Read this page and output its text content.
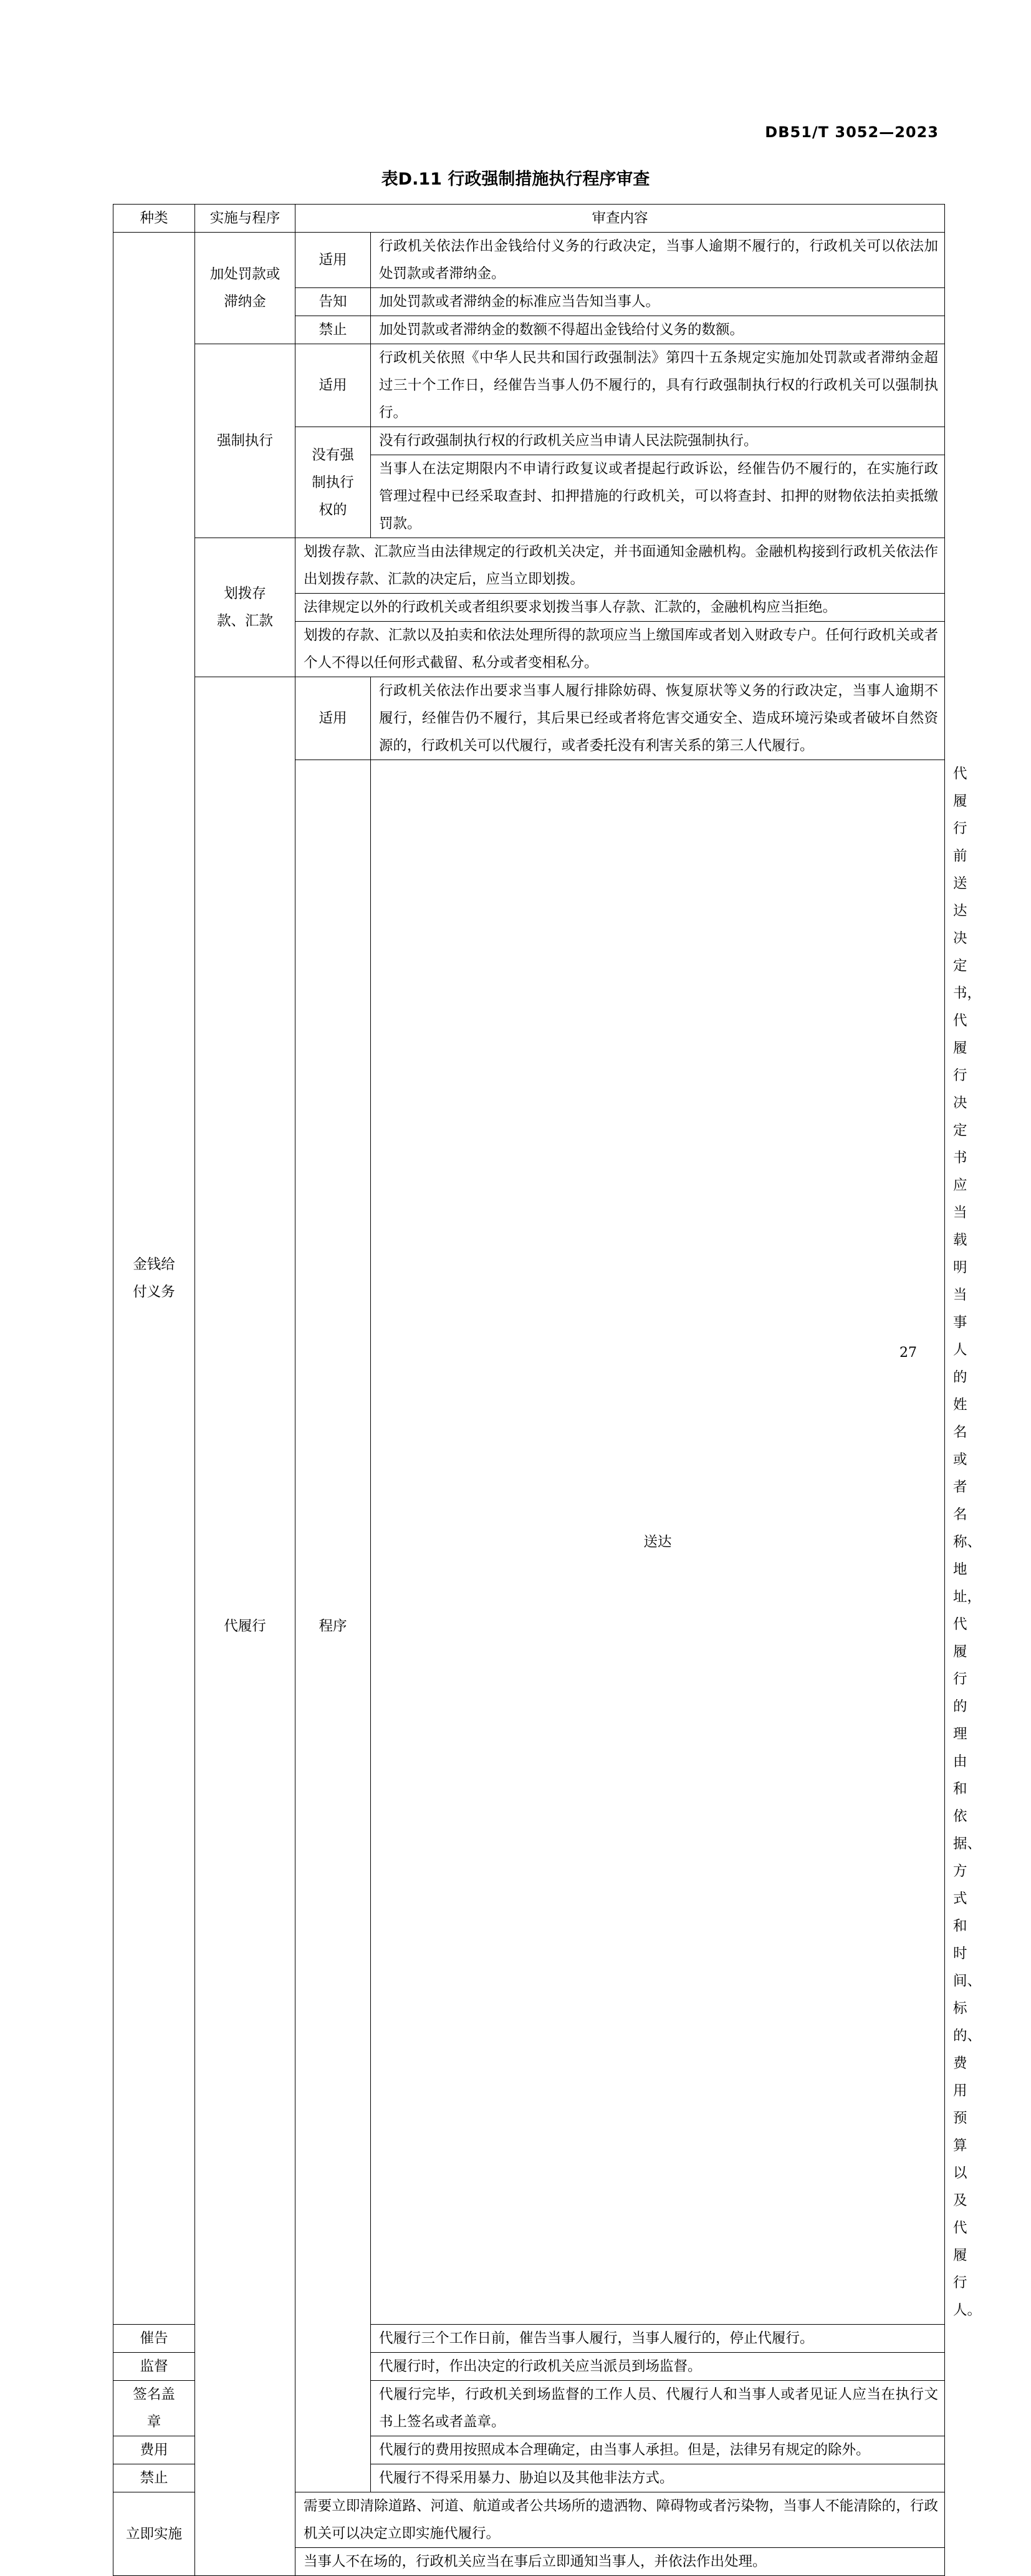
DB51/T 3052—2023
表D.11 行政强制措施执行程序审查
种类	实施与程序	审查内容		

金钱给付义务	加处罚款或滞纳金	适用	行政机关依法作出金钱给付义务的行政决定，当事人逾期不履行的，行政机关可以依法加处罚款或者滞纳金。	
		告知	加处罚款或者滞纳金的标准应当告知当事人。	
		禁止	加处罚款或者滞纳金的数额不得超出金钱给付义务的数额。	
	强制执行	适用	行政机关依照《中华人民共和国行政强制法》第四十五条规定实施加处罚款或者滞纳金超过三十个工作日，经催告当事人仍不履行的，具有行政强制执行权的行政机关可以强制执行。	

		没有强制执行权的	没有行政强制执行权的行政机关应当申请人民法院强制执行。	
			当事人在法定期限内不申请行政复议或者提起行政诉讼，经催告仍不履行的，在实施行政管理过程中已经采取查封、扣押措施的行政机关，可以将查封、扣押的财物依法拍卖抵缴罚款。	

	划拨存款、汇款	划拨存款、汇款应当由法律规定的行政机关决定，并书面通知金融机构。金融机构接到行政机关依法作出划拨存款、汇款的决定后，应当立即划拨。		
		法律规定以外的行政机关或者组织要求划拨当事人存款、汇款的，金融机构应当拒绝。		
		划拨的存款、汇款以及拍卖和依法处理所得的款项应当上缴国库或者划入财政专户。任何行政机关或者个人不得以任何形式截留、私分或者变相私分。		
	代履行	适用	行政机关依法作出要求当事人履行排除妨碍、恢复原状等义务的行政决定，当事人逾期不履行，经催告仍不履行，其后果已经或者将危害交通安全、造成环境污染或者破坏自然资源的，行政机关可以代履行，或者委托没有利害关系的第三人代履行。	
		程序	送达	代履行前送达决定书，代履行决定书应当载明当事人的姓名或者名称、地址，代履行的理由和依据、方式和时间、标的、费用预算以及代履行人。
催告			代履行三个工作日前，催告当事人履行，当事人履行的，停止代履行。	
监督			代履行时，作出决定的行政机关应当派员到场监督。	

签名盖章			代履行完毕，行政机关到场监督的工作人员、代履行人和当事人或者见证人应当在执行文书上签名或者盖章。	
费用			代履行的费用按照成本合理确定，由当事人承担。但是，法律另有规定的除外。	
禁止			代履行不得采用暴力、胁迫以及其他非法方式。	
立即实施		需要立即清除道路、河道、航道或者公共场所的遗洒物、障碍物或者污染物，当事人不能清除的，行政机关可以决定立即实施代履行。		
		当事人不在场的，行政机关应当在事后立即通知当事人，并依法作出处理。		
27
